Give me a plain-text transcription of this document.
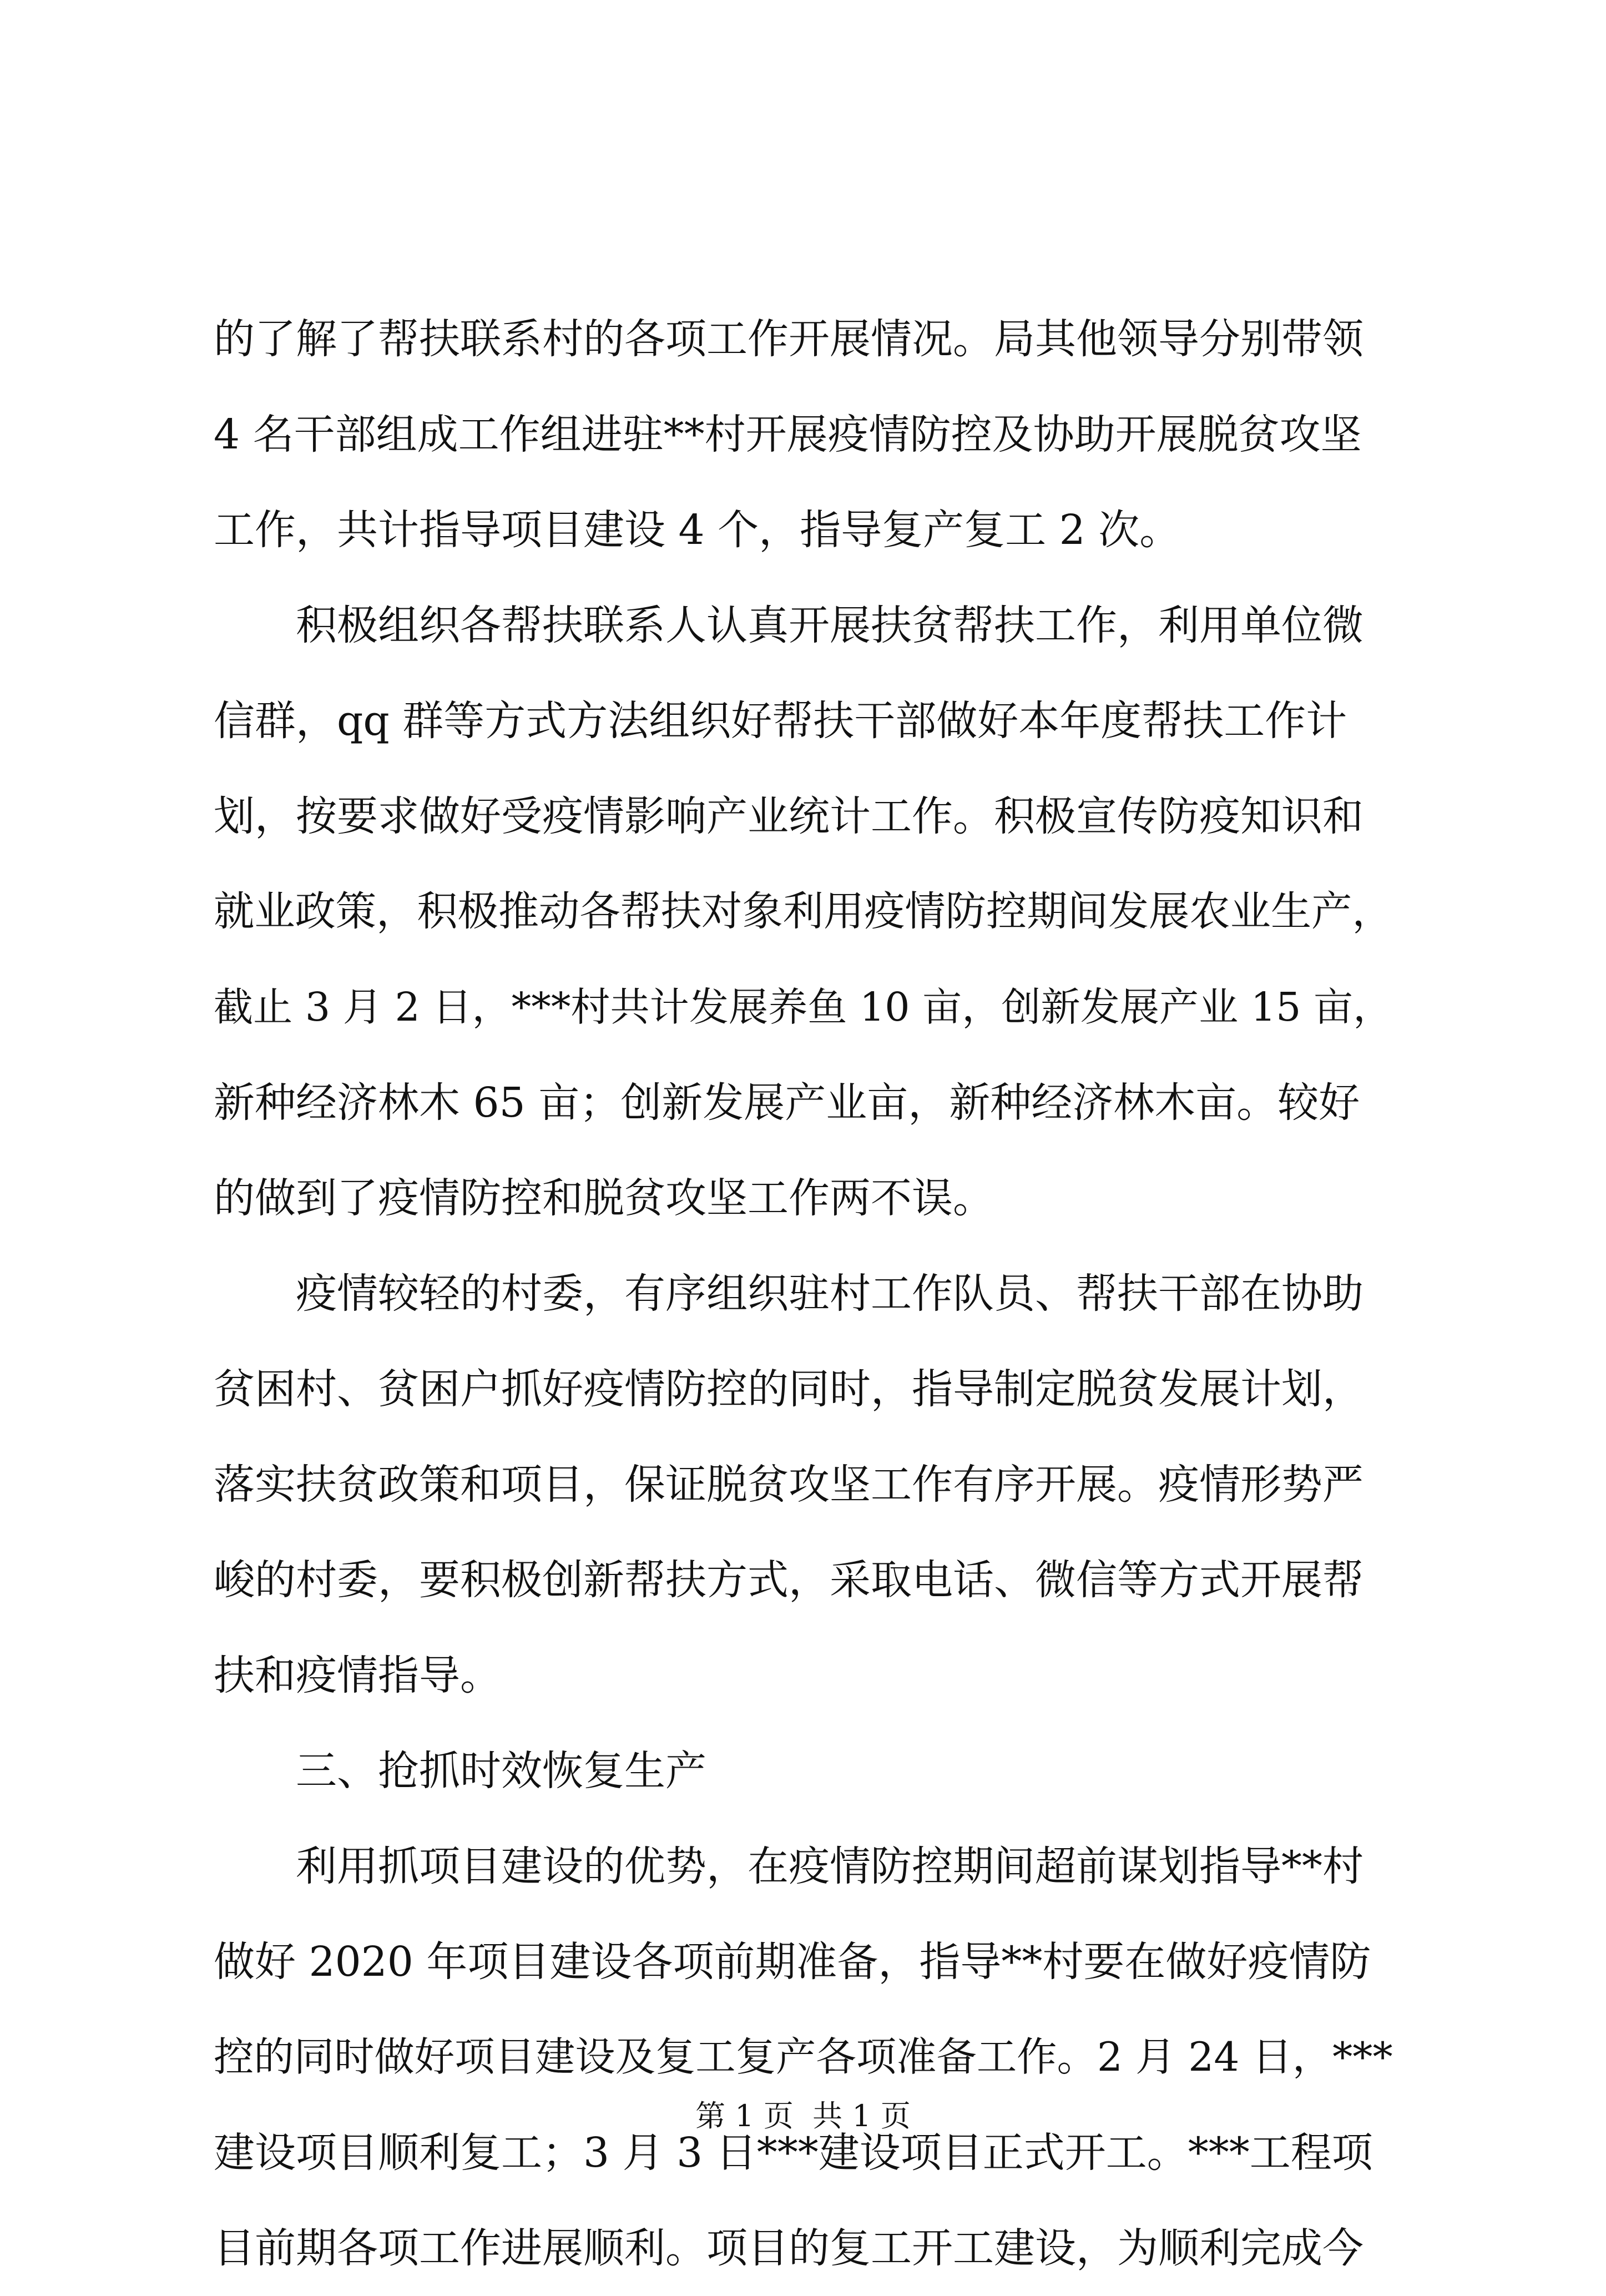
的了解了帮扶联系村的各项工作开展情况。局其他领导分别带领
4 名干部组成工作组进驻**村开展疫情防控及协助开展脱贫攻坚
工作，共计指导项目建设 4 个，指导复产复工 2 次。
　　积极组织各帮扶联系人认真开展扶贫帮扶工作，利用单位微
信群，qq 群等方式方法组织好帮扶干部做好本年度帮扶工作计
划，按要求做好受疫情影响产业统计工作。积极宣传防疫知识和
就业政策，积极推动各帮扶对象利用疫情防控期间发展农业生产，
截止 3 月 2 日，***村共计发展养鱼 10 亩，创新发展产业 15 亩，
新种经济林木 65 亩；创新发展产业亩，新种经济林木亩。较好
的做到了疫情防控和脱贫攻坚工作两不误。
　　疫情较轻的村委，有序组织驻村工作队员、帮扶干部在协助
贫困村、贫困户抓好疫情防控的同时，指导制定脱贫发展计划，
落实扶贫政策和项目，保证脱贫攻坚工作有序开展。疫情形势严
峻的村委，要积极创新帮扶方式，采取电话、微信等方式开展帮
扶和疫情指导。
　　三、抢抓时效恢复生产
　　利用抓项目建设的优势，在疫情防控期间超前谋划指导**村
做好 2020 年项目建设各项前期准备，指导**村要在做好疫情防
控的同时做好项目建设及复工复产各项准备工作。2 月 24 日，***
建设项目顺利复工；3 月 3 日***建设项目正式开工。***工程项
目前期各项工作进展顺利。项目的复工开工建设，为顺利完成今
第 1 页  共 1 页
